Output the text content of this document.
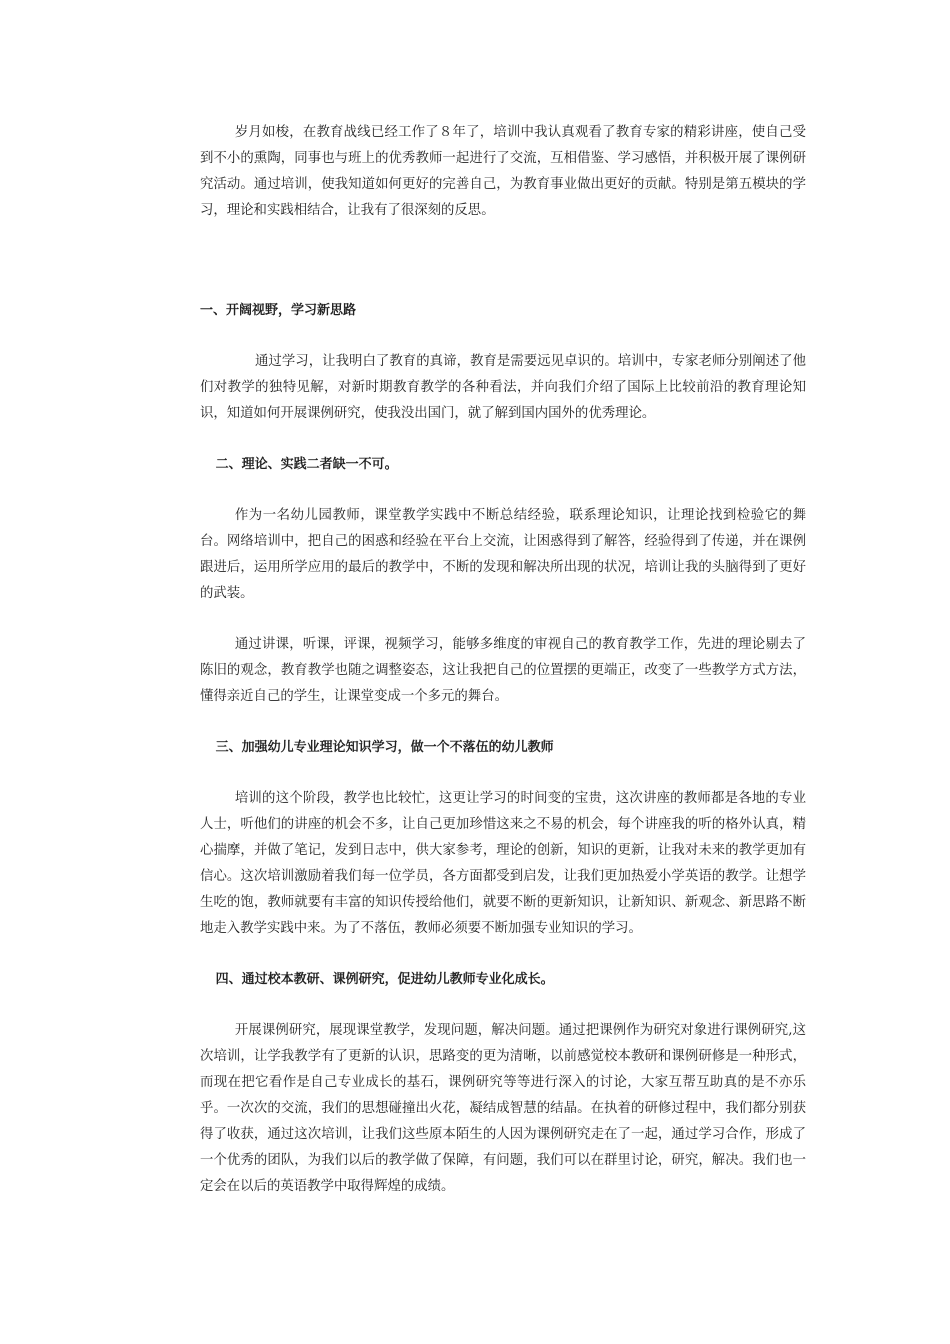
岁月如梭，在教育战线已经工作了８年了，培训中我认真观看了教育专家的精彩讲座，使自己受到不小的熏陶，同事也与班上的优秀教师一起进行了交流，互相借鉴、学习感悟，并积极开展了课例研究活动。通过培训，使我知道如何更好的完善自己，为教育事业做出更好的贡献。特别是第五模块的学习，理论和实践相结合，让我有了很深刻的反思。

一、开阔视野，学习新思路

通过学习，让我明白了教育的真谛，教育是需要远见卓识的。培训中，专家老师分别阐述了他们对教学的独特见解，对新时期教育教学的各种看法，并向我们介绍了国际上比较前沿的教育理论知识，知道如何开展课例研究，使我没出国门，就了解到国内国外的优秀理论。

二、理论、实践二者缺一不可。

作为一名幼儿园教师，课堂教学实践中不断总结经验，联系理论知识，让理论找到检验它的舞台。网络培训中，把自己的困惑和经验在平台上交流，让困惑得到了解答，经验得到了传递，并在课例跟进后，运用所学应用的最后的教学中，不断的发现和解决所出现的状况，培训让我的头脑得到了更好的武装。

通过讲课，听课，评课，视频学习，能够多维度的审视自己的教育教学工作，先进的理论剔去了陈旧的观念，教育教学也随之调整姿态，这让我把自己的位置摆的更端正，改变了一些教学方式方法，懂得亲近自己的学生，让课堂变成一个多元的舞台。

三、加强幼儿专业理论知识学习，做一个不落伍的幼儿教师

培训的这个阶段，教学也比较忙，这更让学习的时间变的宝贵，这次讲座的教师都是各地的专业人士，听他们的讲座的机会不多，让自己更加珍惜这来之不易的机会，每个讲座我的听的格外认真，精心揣摩，并做了笔记，发到日志中，供大家参考，理论的创新，知识的更新，让我对未来的教学更加有信心。这次培训激励着我们每一位学员，各方面都受到启发，让我们更加热爱小学英语的教学。让想学生吃的饱，教师就要有丰富的知识传授给他们，就要不断的更新知识，让新知识、新观念、新思路不断地走入教学实践中来。为了不落伍，教师必须要不断加强专业知识的学习。

四、通过校本教研、课例研究，促进幼儿教师专业化成长。

开展课例研究，展现课堂教学，发现问题，解决问题。通过把课例作为研究对象进行课例研究,这次培训，让学我教学有了更新的认识，思路变的更为清晰，以前感觉校本教研和课例研修是一种形式，而现在把它看作是自己专业成长的基石，课例研究等等进行深入的讨论，大家互帮互助真的是不亦乐乎。一次次的交流，我们的思想碰撞出火花，凝结成智慧的结晶。在执着的研修过程中，我们都分别获得了收获，通过这次培训，让我们这些原本陌生的人因为课例研究走在了一起，通过学习合作，形成了一个优秀的团队，为我们以后的教学做了保障，有问题，我们可以在群里讨论，研究，解决。我们也一定会在以后的英语教学中取得辉煌的成绩。
